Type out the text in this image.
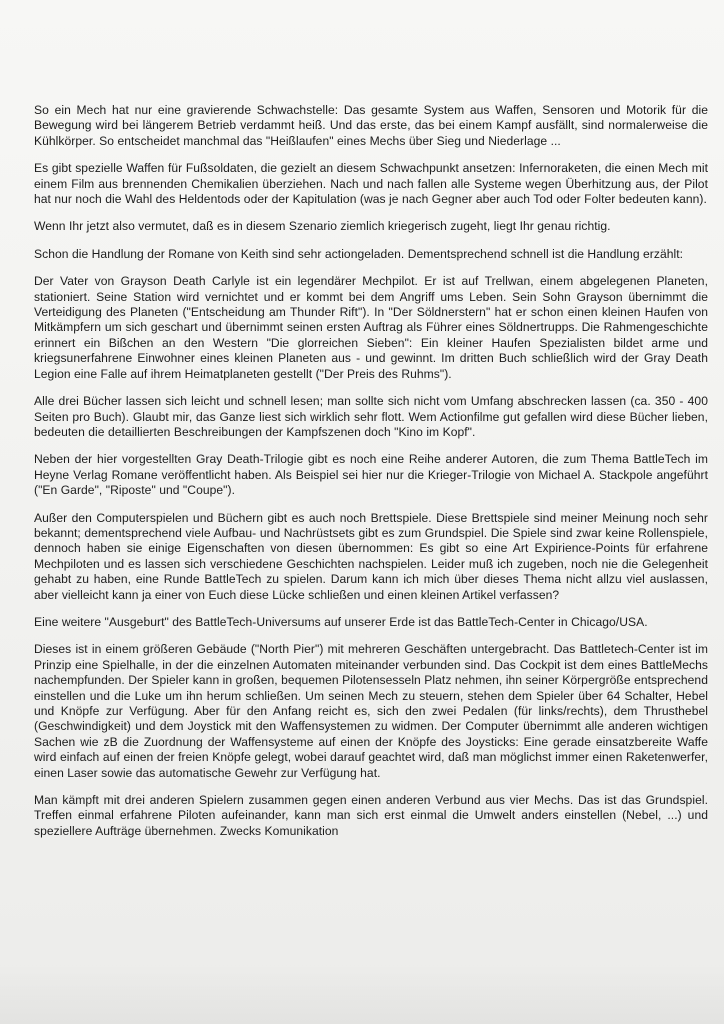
So ein Mech hat nur eine gravierende Schwachstelle: Das gesamte System aus Waffen, Sensoren und Motorik für die Bewegung wird bei längerem Betrieb verdammt heiß. Und das erste, das bei einem Kampf ausfällt, sind normalerweise die Kühlkörper. So entscheidet manchmal das "Heißlaufen" eines Mechs über Sieg und Niederlage ...

Es gibt spezielle Waffen für Fußsoldaten, die gezielt an diesem Schwachpunkt ansetzen: Infernoraketen, die einen Mech mit einem Film aus brennenden Chemikalien überziehen. Nach und nach fallen alle Systeme wegen Überhitzung aus, der Pilot hat nur noch die Wahl des Heldentods oder der Kapitulation (was je nach Gegner aber auch Tod oder Folter bedeuten kann).

Wenn Ihr jetzt also vermutet, daß es in diesem Szenario ziemlich kriegerisch zugeht, liegt Ihr genau richtig.

Schon die Handlung der Romane von Keith sind sehr actiongeladen. Dementsprechend schnell ist die Handlung erzählt:

Der Vater von Grayson Death Carlyle ist ein legendärer Mechpilot. Er ist auf Trellwan, einem abgelegenen Planeten, stationiert. Seine Station wird vernichtet und er kommt bei dem Angriff ums Leben. Sein Sohn Grayson übernimmt die Verteidigung des Planeten ("Entscheidung am Thunder Rift"). In "Der Söldnerstern" hat er schon einen kleinen Haufen von Mitkämpfern um sich geschart und übernimmt seinen ersten Auftrag als Führer eines Söldnertrupps. Die Rahmengeschichte erinnert ein Bißchen an den Western "Die glorreichen Sieben": Ein kleiner Haufen Spezialisten bildet arme und kriegsunerfahrene Einwohner eines kleinen Planeten aus - und gewinnt. Im dritten Buch schließlich wird der Gray Death Legion eine Falle auf ihrem Heimatplaneten gestellt ("Der Preis des Ruhms").

Alle drei Bücher lassen sich leicht und schnell lesen; man sollte sich nicht vom Umfang abschrecken lassen (ca. 350 - 400 Seiten pro Buch). Glaubt mir, das Ganze liest sich wirklich sehr flott. Wem Actionfilme gut gefallen wird diese Bücher lieben, bedeuten die detaillierten Beschreibungen der Kampfszenen doch "Kino im Kopf".

Neben der hier vorgestellten Gray Death-Trilogie gibt es noch eine Reihe anderer Autoren, die zum Thema BattleTech im Heyne Verlag Romane veröffentlicht haben. Als Beispiel sei hier nur die Krieger-Trilogie von Michael A. Stackpole angeführt ("En Garde", "Riposte" und "Coupe").

Außer den Computerspielen und Büchern gibt es auch noch Brettspiele. Diese Brettspiele sind meiner Meinung noch sehr bekannt; dementsprechend viele Aufbau- und Nachrüstsets gibt es zum Grundspiel. Die Spiele sind zwar keine Rollenspiele, dennoch haben sie einige Eigenschaften von diesen übernommen: Es gibt so eine Art Expirience-Points für erfahrene Mechpiloten und es lassen sich verschiedene Geschichten nachspielen. Leider muß ich zugeben, noch nie die Gelegenheit gehabt zu haben, eine Runde BattleTech zu spielen. Darum kann ich mich über dieses Thema nicht allzu viel auslassen, aber vielleicht kann ja einer von Euch diese Lücke schließen und einen kleinen Artikel verfassen?

Eine weitere "Ausgeburt" des BattleTech-Universums auf unserer Erde ist das BattleTech-Center in Chicago/USA.

Dieses ist in einem größeren Gebäude ("North Pier") mit mehreren Geschäften untergebracht. Das Battletech-Center ist im Prinzip eine Spielhalle, in der die einzelnen Automaten miteinander verbunden sind. Das Cockpit ist dem eines BattleMechs nachempfunden. Der Spieler kann in großen, bequemen Pilotensesseln Platz nehmen, ihn seiner Körpergröße entsprechend einstellen und die Luke um ihn herum schließen. Um seinen Mech zu steuern, stehen dem Spieler über 64 Schalter, Hebel und Knöpfe zur Verfügung. Aber für den Anfang reicht es, sich den zwei Pedalen (für links/rechts), dem Thrusthebel (Geschwindigkeit) und dem Joystick mit den Waffensystemen zu widmen. Der Computer übernimmt alle anderen wichtigen Sachen wie zB die Zuordnung der Waffensysteme auf einen der Knöpfe des Joysticks: Eine gerade einsatzbereite Waffe wird einfach auf einen der freien Knöpfe gelegt, wobei darauf geachtet wird, daß man möglichst immer einen Raketenwerfer, einen Laser sowie das automatische Gewehr zur Verfügung hat.

Man kämpft mit drei anderen Spielern zusammen gegen einen anderen Verbund aus vier Mechs. Das ist das Grundspiel. Treffen einmal erfahrene Piloten aufeinander, kann man sich erst einmal die Umwelt anders einstellen (Nebel, ...) und speziellere Aufträge übernehmen. Zwecks Komunikation
